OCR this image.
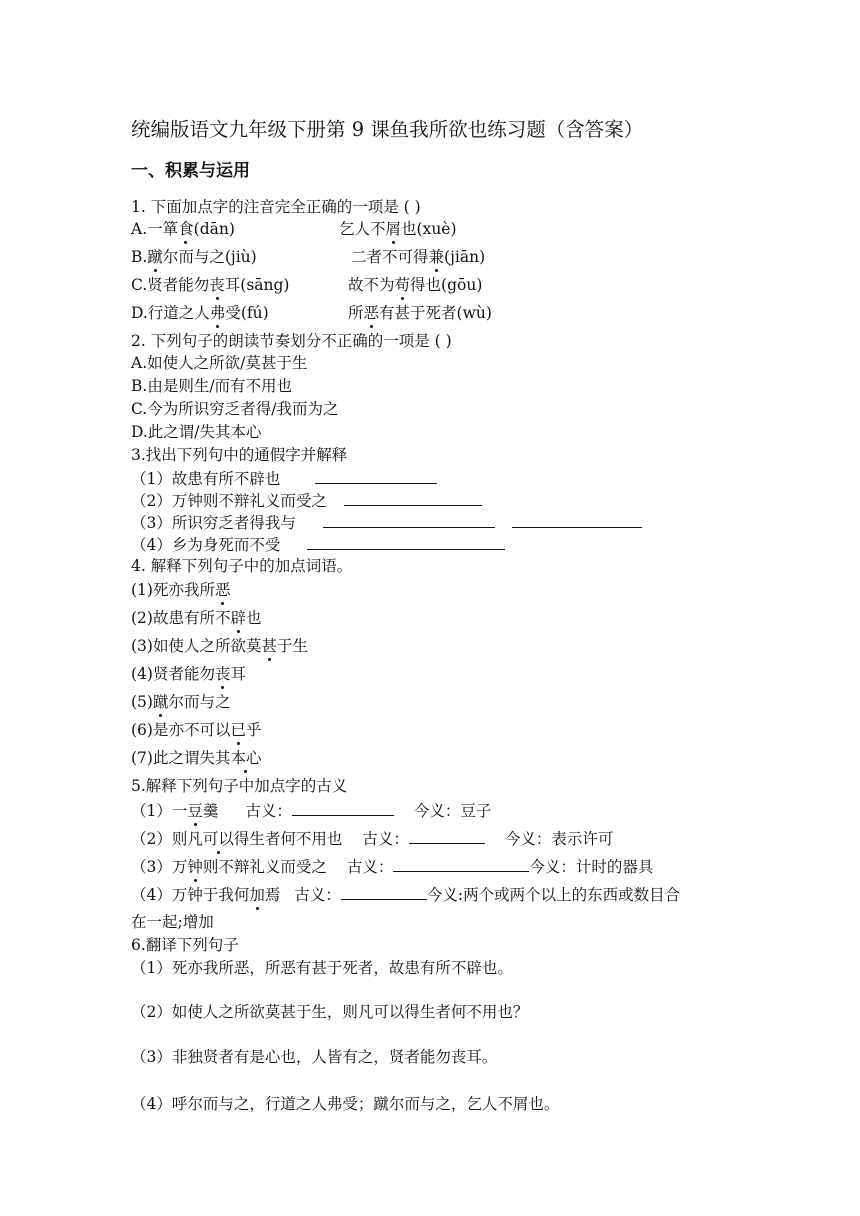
统编版语文九年级下册第 9 课鱼我所欲也练习题（含答案）
一、积累与运用
1. 下面加点字的注音完全正确的一项是 ( )
A.一箪食(dān)	乞人不屑也(xuè)
B.蹴尔而与之(jiù)	二者不可得兼(jiān)
C.贤者能勿丧耳(sāng)	故不为苟得也(gōu)
D.行道之人弗受(fú)	所恶有甚于死者(wù)
2. 下列句子的朗读节奏划分不正确的一项是 ( )
A.如使人之所欲/莫甚于生
B.由是则生/而有不用也
C.今为所识穷乏者得/我而为之
D.此之谓/失其本心
3.找出下列句中的通假字并解释
（1）故患有所不辟也
（2）万钟则不辩礼义而受之
（3）所识穷乏者得我与
（4）乡为身死而不受
4. 解释下列句子中的加点词语。
(1)死亦我所恶
(2)故患有所不辟也
(3)如使人之所欲莫甚于生
(4)贤者能勿丧耳
(5)蹴尔而与之
(6)是亦不可以已乎
(7)此之谓失其本心
5.解释下列句子中加点字的古义
（1）一豆羹 古义：	今义：豆子
（2）则凡可以得生者何不用也 古义：	今义：表示许可
（3）万钟则不辩礼义而受之 古义：	今义：计时的器具
（4）万钟于我何加焉 古义：	今义:两个或两个以上的东西或数目合
在一起;增加
6.翻译下列句子
（1）死亦我所恶，所恶有甚于死者，故患有所不辟也。
（2）如使人之所欲莫甚于生，则凡可以得生者何不用也？
（3）非独贤者有是心也，人皆有之，贤者能勿丧耳。
（4）呼尔而与之，行道之人弗受；蹴尔而与之，乞人不屑也。
